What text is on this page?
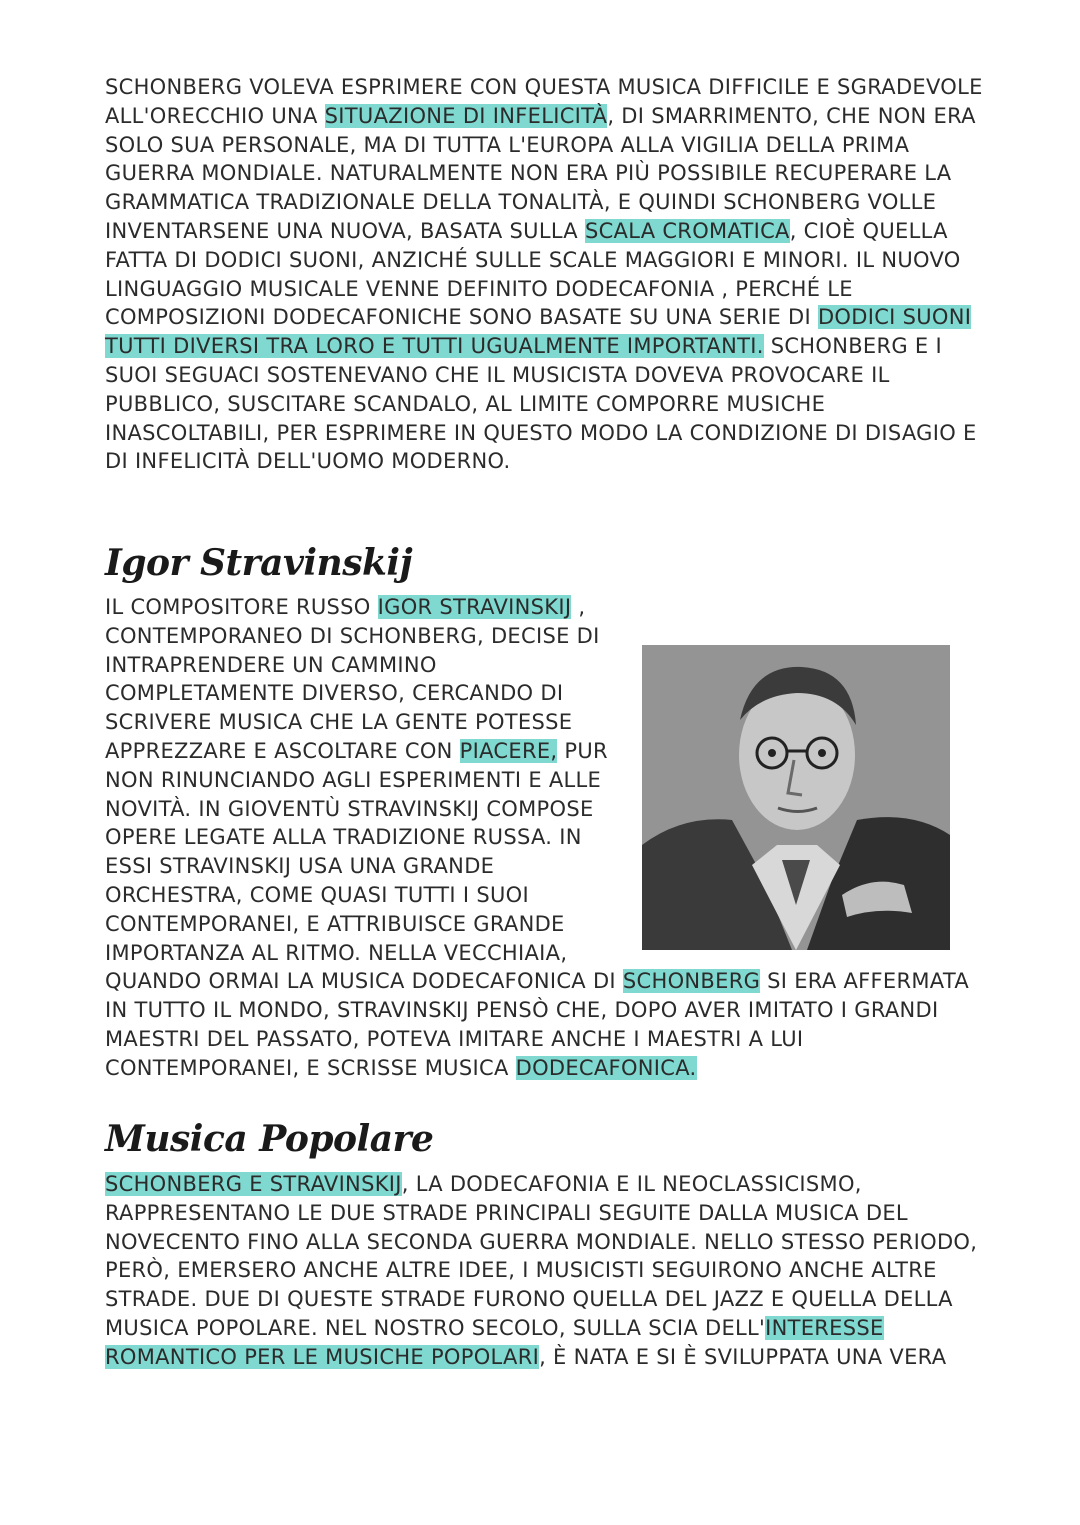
SCHONBERG VOLEVA ESPRIMERE CON QUESTA MUSICA DIFFICILE E SGRADEVOLE ALL'ORECCHIO UNA SITUAZIONE DI INFELICITÀ, DI SMARRIMENTO, CHE NON ERA SOLO SUA PERSONALE, MA DI TUTTA L'EUROPA ALLA VIGILIA DELLA PRIMA GUERRA MONDIALE. NATURALMENTE NON ERA PIÙ POSSIBILE RECUPERARE LA GRAMMATICA TRADIZIONALE DELLA TONALITÀ, E QUINDI SCHONBERG VOLLE INVENTARSENE UNA NUOVA, BASATA SULLA SCALA CROMATICA, CIOÈ QUELLA FATTA DI DODICI SUONI, ANZICHÉ SULLE SCALE MAGGIORI E MINORI. IL NUOVO LINGUAGGIO MUSICALE VENNE DEFINITO DODECAFONIA , PERCHÉ LE COMPOSIZIONI DODECAFONICHE SONO BASATE SU UNA SERIE DI DODICI SUONI TUTTI DIVERSI TRA LORO E TUTTI UGUALMENTE IMPORTANTI. SCHONBERG E I SUOI SEGUACI SOSTENEVANO CHE IL MUSICISTA DOVEVA PROVOCARE IL PUBBLICO, SUSCITARE SCANDALO, AL LIMITE COMPORRE MUSICHE INASCOLTABILI, PER ESPRIMERE IN QUESTO MODO LA CONDIZIONE DI DISAGIO E DI INFELICITÀ DELL'UOMO MODERNO.

Igor Stravinskij

IL COMPOSITORE RUSSO IGOR STRAVINSKIJ
, CONTEMPORANEO DI SCHONBERG, DECISE DI INTRAPRENDERE UN CAMMINO COMPLETAMENTE DIVERSO, CERCANDO DI SCRIVERE MUSICA CHE LA GENTE POTESSE APPREZZARE E ASCOLTARE CON PIACERE, PUR NON RINUNCIANDO AGLI ESPERIMENTI E ALLE NOVITÀ. IN GIOVENTÙ STRAVINSKIJ COMPOSE OPERE LEGATE ALLA TRADIZIONE RUSSA. IN ESSI STRAVINSKIJ USA UNA GRANDE ORCHESTRA, COME QUASI TUTTI I SUOI CONTEMPORANEI, E ATTRIBUISCE GRANDE IMPORTANZA AL RITMO. NELLA VECCHIAIA, QUANDO ORMAI LA MUSICA DODECAFONICA DI SCHONBERG SI ERA AFFERMATA IN TUTTO IL MONDO, STRAVINSKIJ PENSÒ CHE, DOPO AVER IMITATO I GRANDI MAESTRI DEL PASSATO, POTEVA IMITARE ANCHE I MAESTRI A LUI CONTEMPORANEI, E SCRISSE MUSICA DODECAFONICA.

Musica Popolare

SCHONBERG E STRAVINSKIJ, LA DODECAFONIA E IL NEOCLASSICISMO, RAPPRESENTANO LE DUE STRADE PRINCIPALI SEGUITE DALLA MUSICA DEL NOVECENTO FINO ALLA SECONDA GUERRA MONDIALE. NELLO STESSO PERIODO, PERÒ, EMERSERO ANCHE ALTRE IDEE, I MUSICISTI SEGUIRONO ANCHE ALTRE STRADE. DUE DI QUESTE STRADE FURONO QUELLA DEL JAZZ E QUELLA DELLA MUSICA POPOLARE. NEL NOSTRO SECOLO, SULLA SCIA DELL'INTERESSE ROMANTICO PER LE MUSICHE POPOLARI, È NATA E SI È SVILUPPATA UNA VERA
